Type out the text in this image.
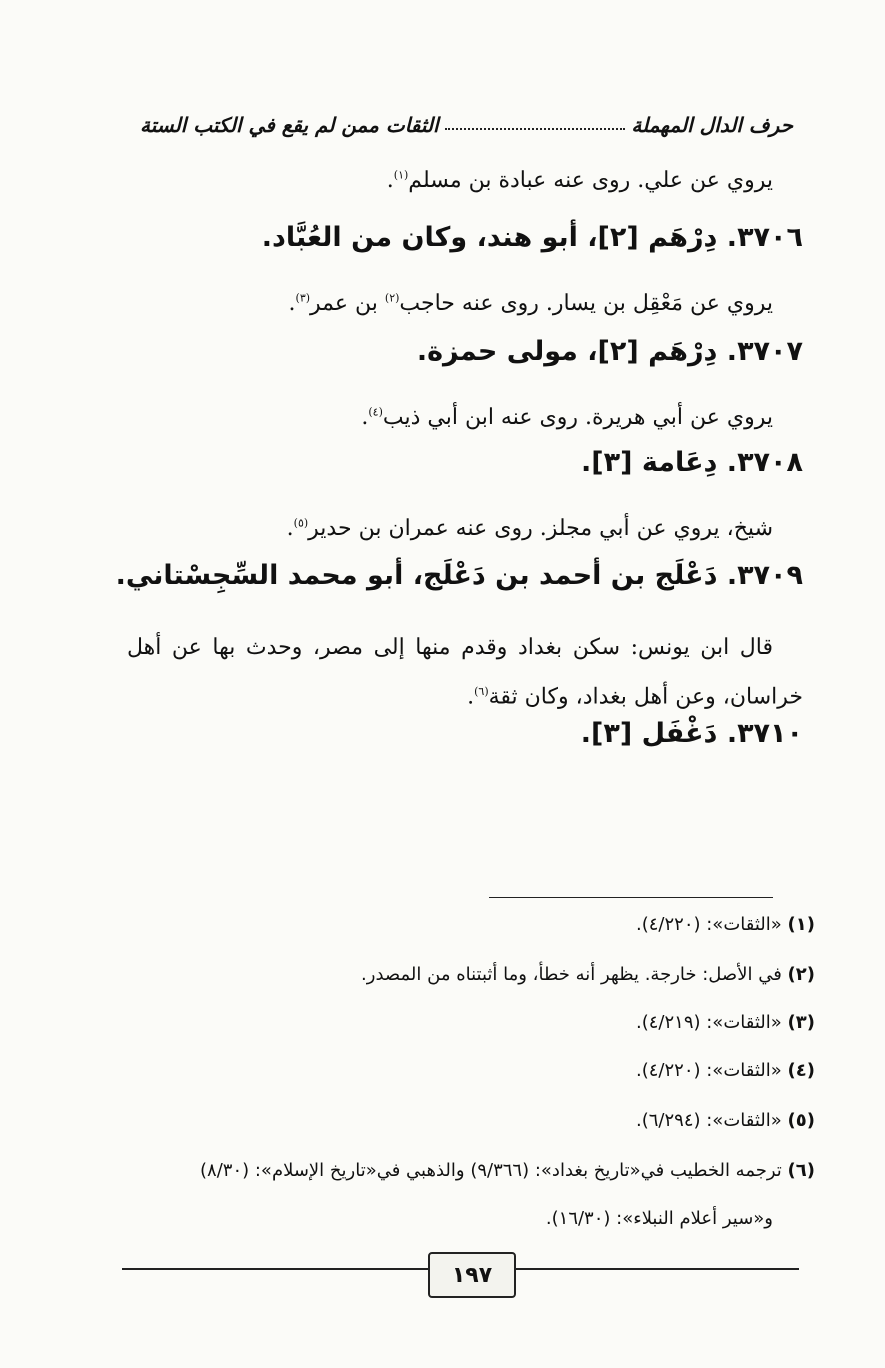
حرف الدال المهملة
الثقات ممن لم يقع في الكتب الستة
يروي عن علي. روى عنه عبادة بن مسلم$^{(١)}$.
٣٧٠٦. دِرْهَم [٢]، أبو هند، وكان من العُبَّاد.
يروي عن مَعْقِل بن يسار. روى عنه حاجب$^{(٢)}$ بن عمر$^{(٣)}$.
٣٧٠٧. دِرْهَم [٢]، مولى حمزة.
يروي عن أبي هريرة. روى عنه ابن أبي ذيب$^{(٤)}$.
٣٧٠٨. دِعَامة [٣].
شيخ، يروي عن أبي مجلز. روى عنه عمران بن حدير$^{(٥)}$.
٣٧٠٩. دَعْلَج بن أحمد بن دَعْلَج، أبو محمد السِّجِسْتاني.
قال ابن يونس: سكن بغداد وقدم منها إلى مصر، وحدث بها عن أهل خراسان، وعن أهل بغداد، وكان ثقة$^{(٦)}$.
٣٧١٠. دَغْفَل [٣].
(١) «الثقات»: (٤/٢٢٠).
(٢) في الأصل: خارجة. يظهر أنه خطأ، وما أثبتناه من المصدر.
(٣) «الثقات»: (٤/٢١٩).
(٤) «الثقات»: (٤/٢٢٠).
(٥) «الثقات»: (٦/٢٩٤).
(٦) ترجمه الخطيب في«تاريخ بغداد»: (٩/٣٦٦) والذهبي في«تاريخ الإسلام»: (٨/٣٠)
و«سير أعلام النبلاء»: (١٦/٣٠).
١٩٧
